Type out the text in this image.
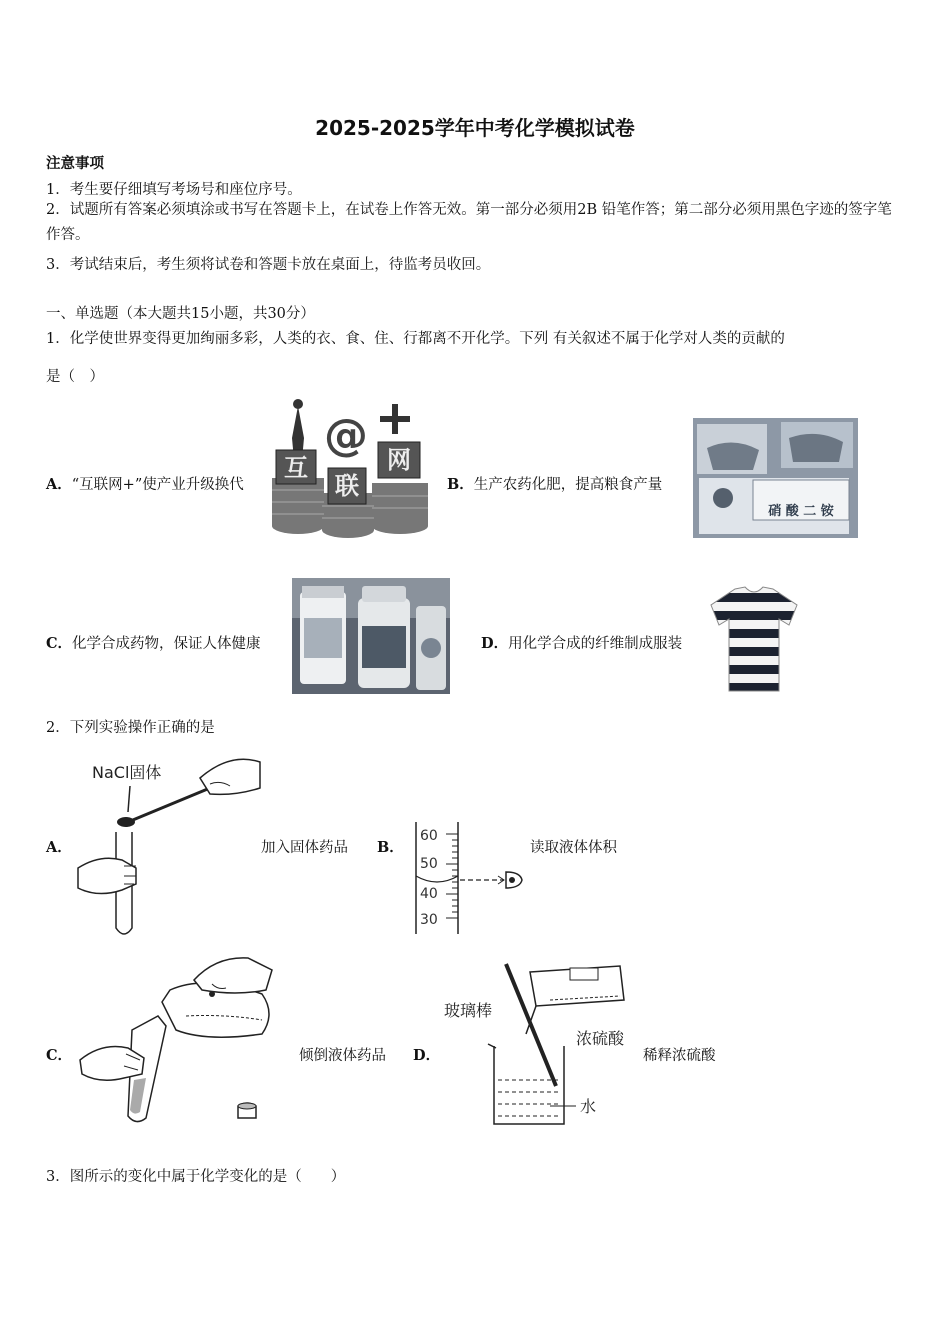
2025-2025学年中考化学模拟试卷
注意事项
1．考生要仔细填写考场号和座位序号。
2．试题所有答案必须填涂或书写在答题卡上，在试卷上作答无效。第一部分必须用2B 铅笔作答；第二部分必须用黑色字迹的签字笔作答。
3．考试结束后，考生须将试卷和答题卡放在桌面上，待监考员收回。
一、单选题（本大题共15小题，共30分）
1．化学使世界变得更加绚丽多彩，人类的衣、食、住、行都离不开化学。下列 有关叙述不属于化学对人类的贡献的
是（　）
A．“互联网+”使产业升级换代
互
@
联
网
B．生产农药化肥，提高粮食产量
硝 酸 二 铵
C．化学合成药物，保证人体健康	D．用化学合成的纤维制成服装
2．下列实验操作正确的是
A．
NaCl固体
加入固体药品 B．
60
50
40
30
读取液体体积
C．	倾倒液体药品 D．
玻璃棒
浓硫酸
水
稀释浓硫酸
3．图所示的变化中属于化学变化的是（　　）
